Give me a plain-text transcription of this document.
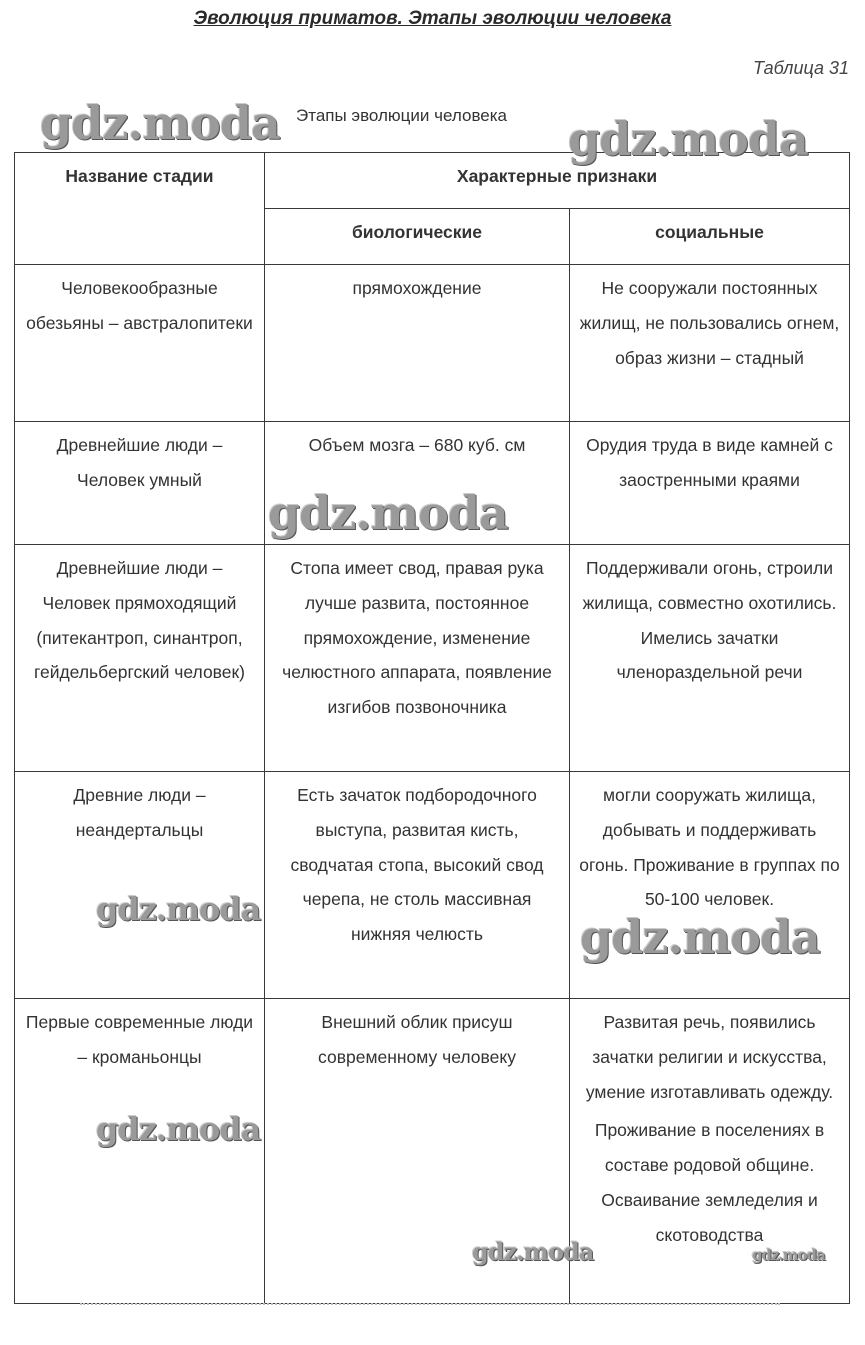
Эволюция приматов. Этапы эволюции человека
Таблица 31
Этапы эволюции человека
Название стадии	Характерные признаки	
	биологические	социальные
Человекообразные обезьяны – австралопитеки	прямохождение	Не сооружали постоянных жилищ, не пользовались огнем, образ жизни – стадный

Древнейшие люди – Человек умный	Объем мозга – 680 куб. см	Орудия труда в виде камней с заостренными краями

Древнейшие люди – Человек прямоходящий (питекантроп, синантроп, гейдельбергский человек)	Стопа имеет свод, правая рука лучше развита, постоянное прямохождение, изменение челюстного аппарата, появление изгибов позвоночника	Поддерживали огонь, строили жилища, совместно охотились. Имелись зачатки членораздельной речи

Древние люди – неандертальцы	Есть зачаток подбородочного выступа, развитая кисть, сводчатая стопа, высокий свод черепа, не столь массивная нижняя челюсть	могли сооружать жилища, добывать и поддерживать огонь. Проживание в группах по 50-100 человек.

Первые современные люди – кроманьонцы	Внешний облик присуш современному человеку	Развитая речь, появились зачатки религии и искусства, умение изготавливать одежду.
Проживание в поселениях в составе родовой общине.
Осваивание земледелия и скотоводства
gdz.moda	gdz.moda
gdz.moda
gdz.moda
gdz.moda
gdz.moda
gdz.moda	gdz.moda
